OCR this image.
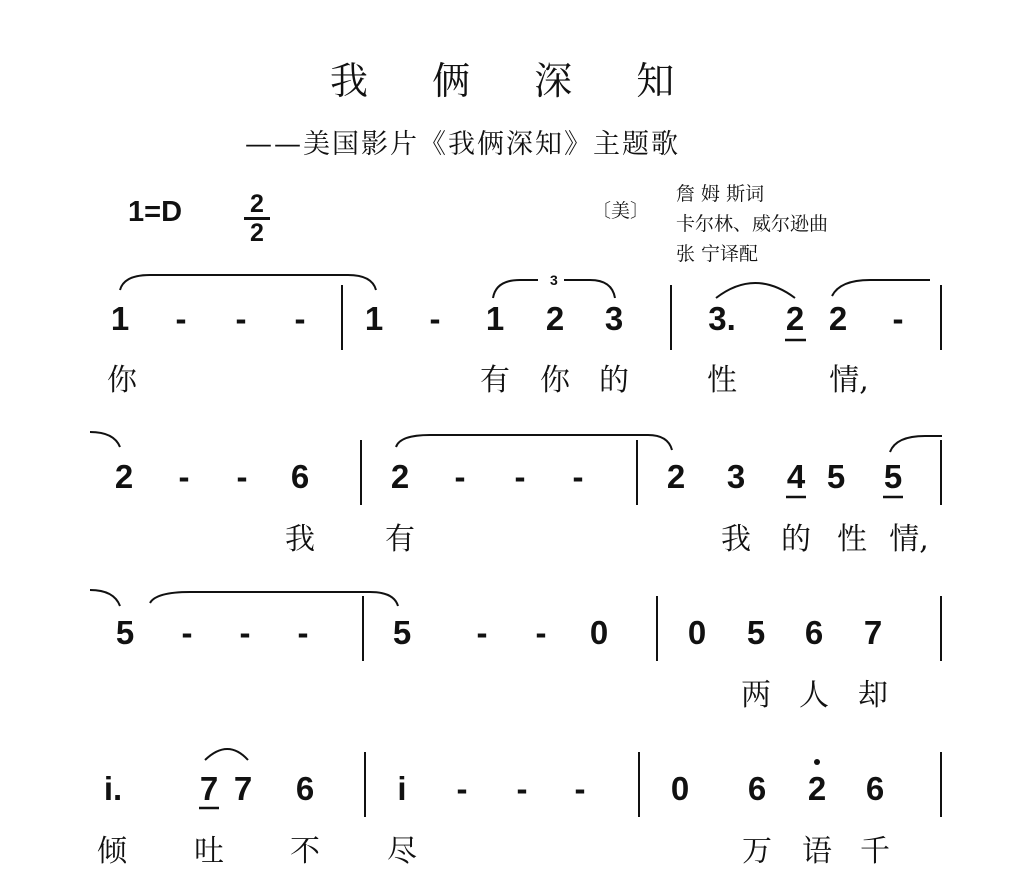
我 俩 深 知
——美国影片《我俩深知》主题歌
1=D	2
2
〔美〕
詹 姆 斯词
卡尔林、威尔逊曲
张 宁译配
1 - - - 1 - 1 2 3	3. 2 2 -
你	有 你 的	性	情,
2 - - 6 2 - - -	2 3 4 5 5
我 有	我 的 性 情,
5 - - -	5 - - 0 0 5 6 7
两 人 却
i. 7 7 6	i	- - -	0 6 2 6
倾 吐 不 尽	万 语 千
3
